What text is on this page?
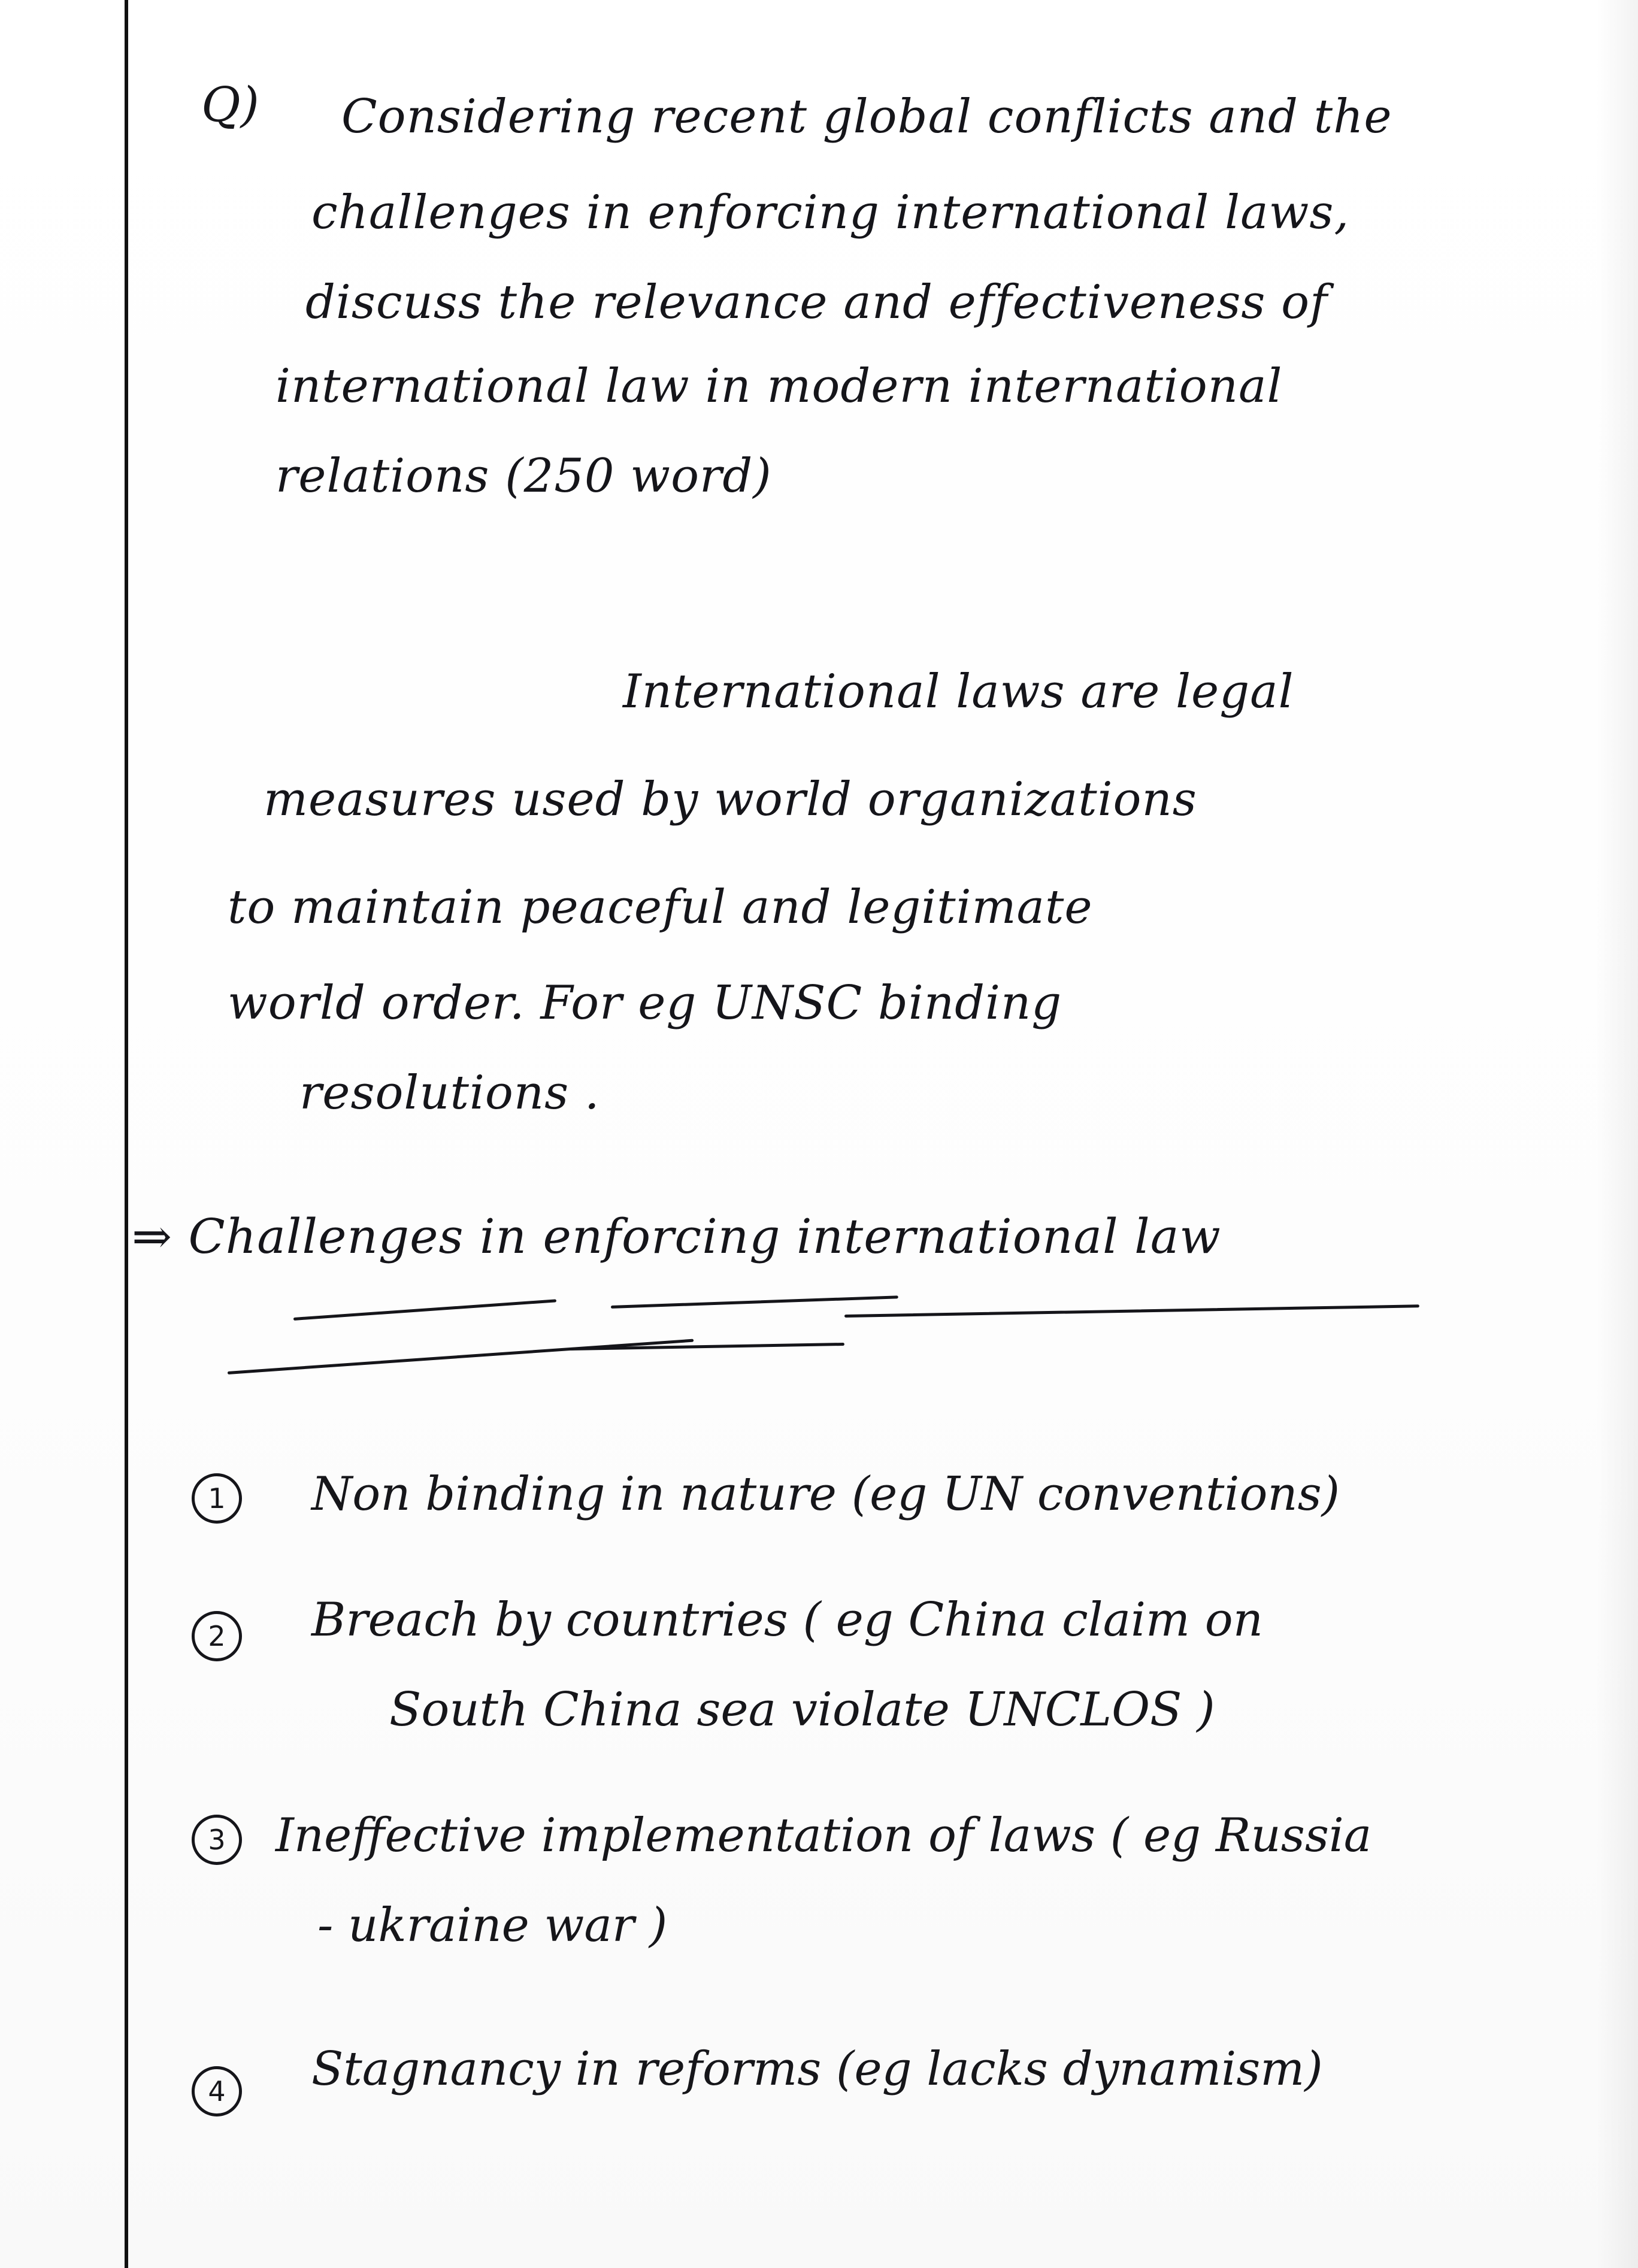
Q) Considering recent global conflicts and the
challenges in enforcing international laws,
discuss the relevance and effectiveness of
international law in modern international
relations (250 word)
International laws are legal
measures used by world organizations
to maintain peaceful and legitimate
world order. For eg UNSC binding
resolutions .
⇒ Challenges in enforcing international law
1	Non binding in nature (eg UN conventions)
2	Breach by countries ( eg China claim on
South China sea violate UNCLOS )
3	Ineffective implementation of laws ( eg Russia
- ukraine war )
4	Stagnancy in reforms (eg lacks dynamism)
